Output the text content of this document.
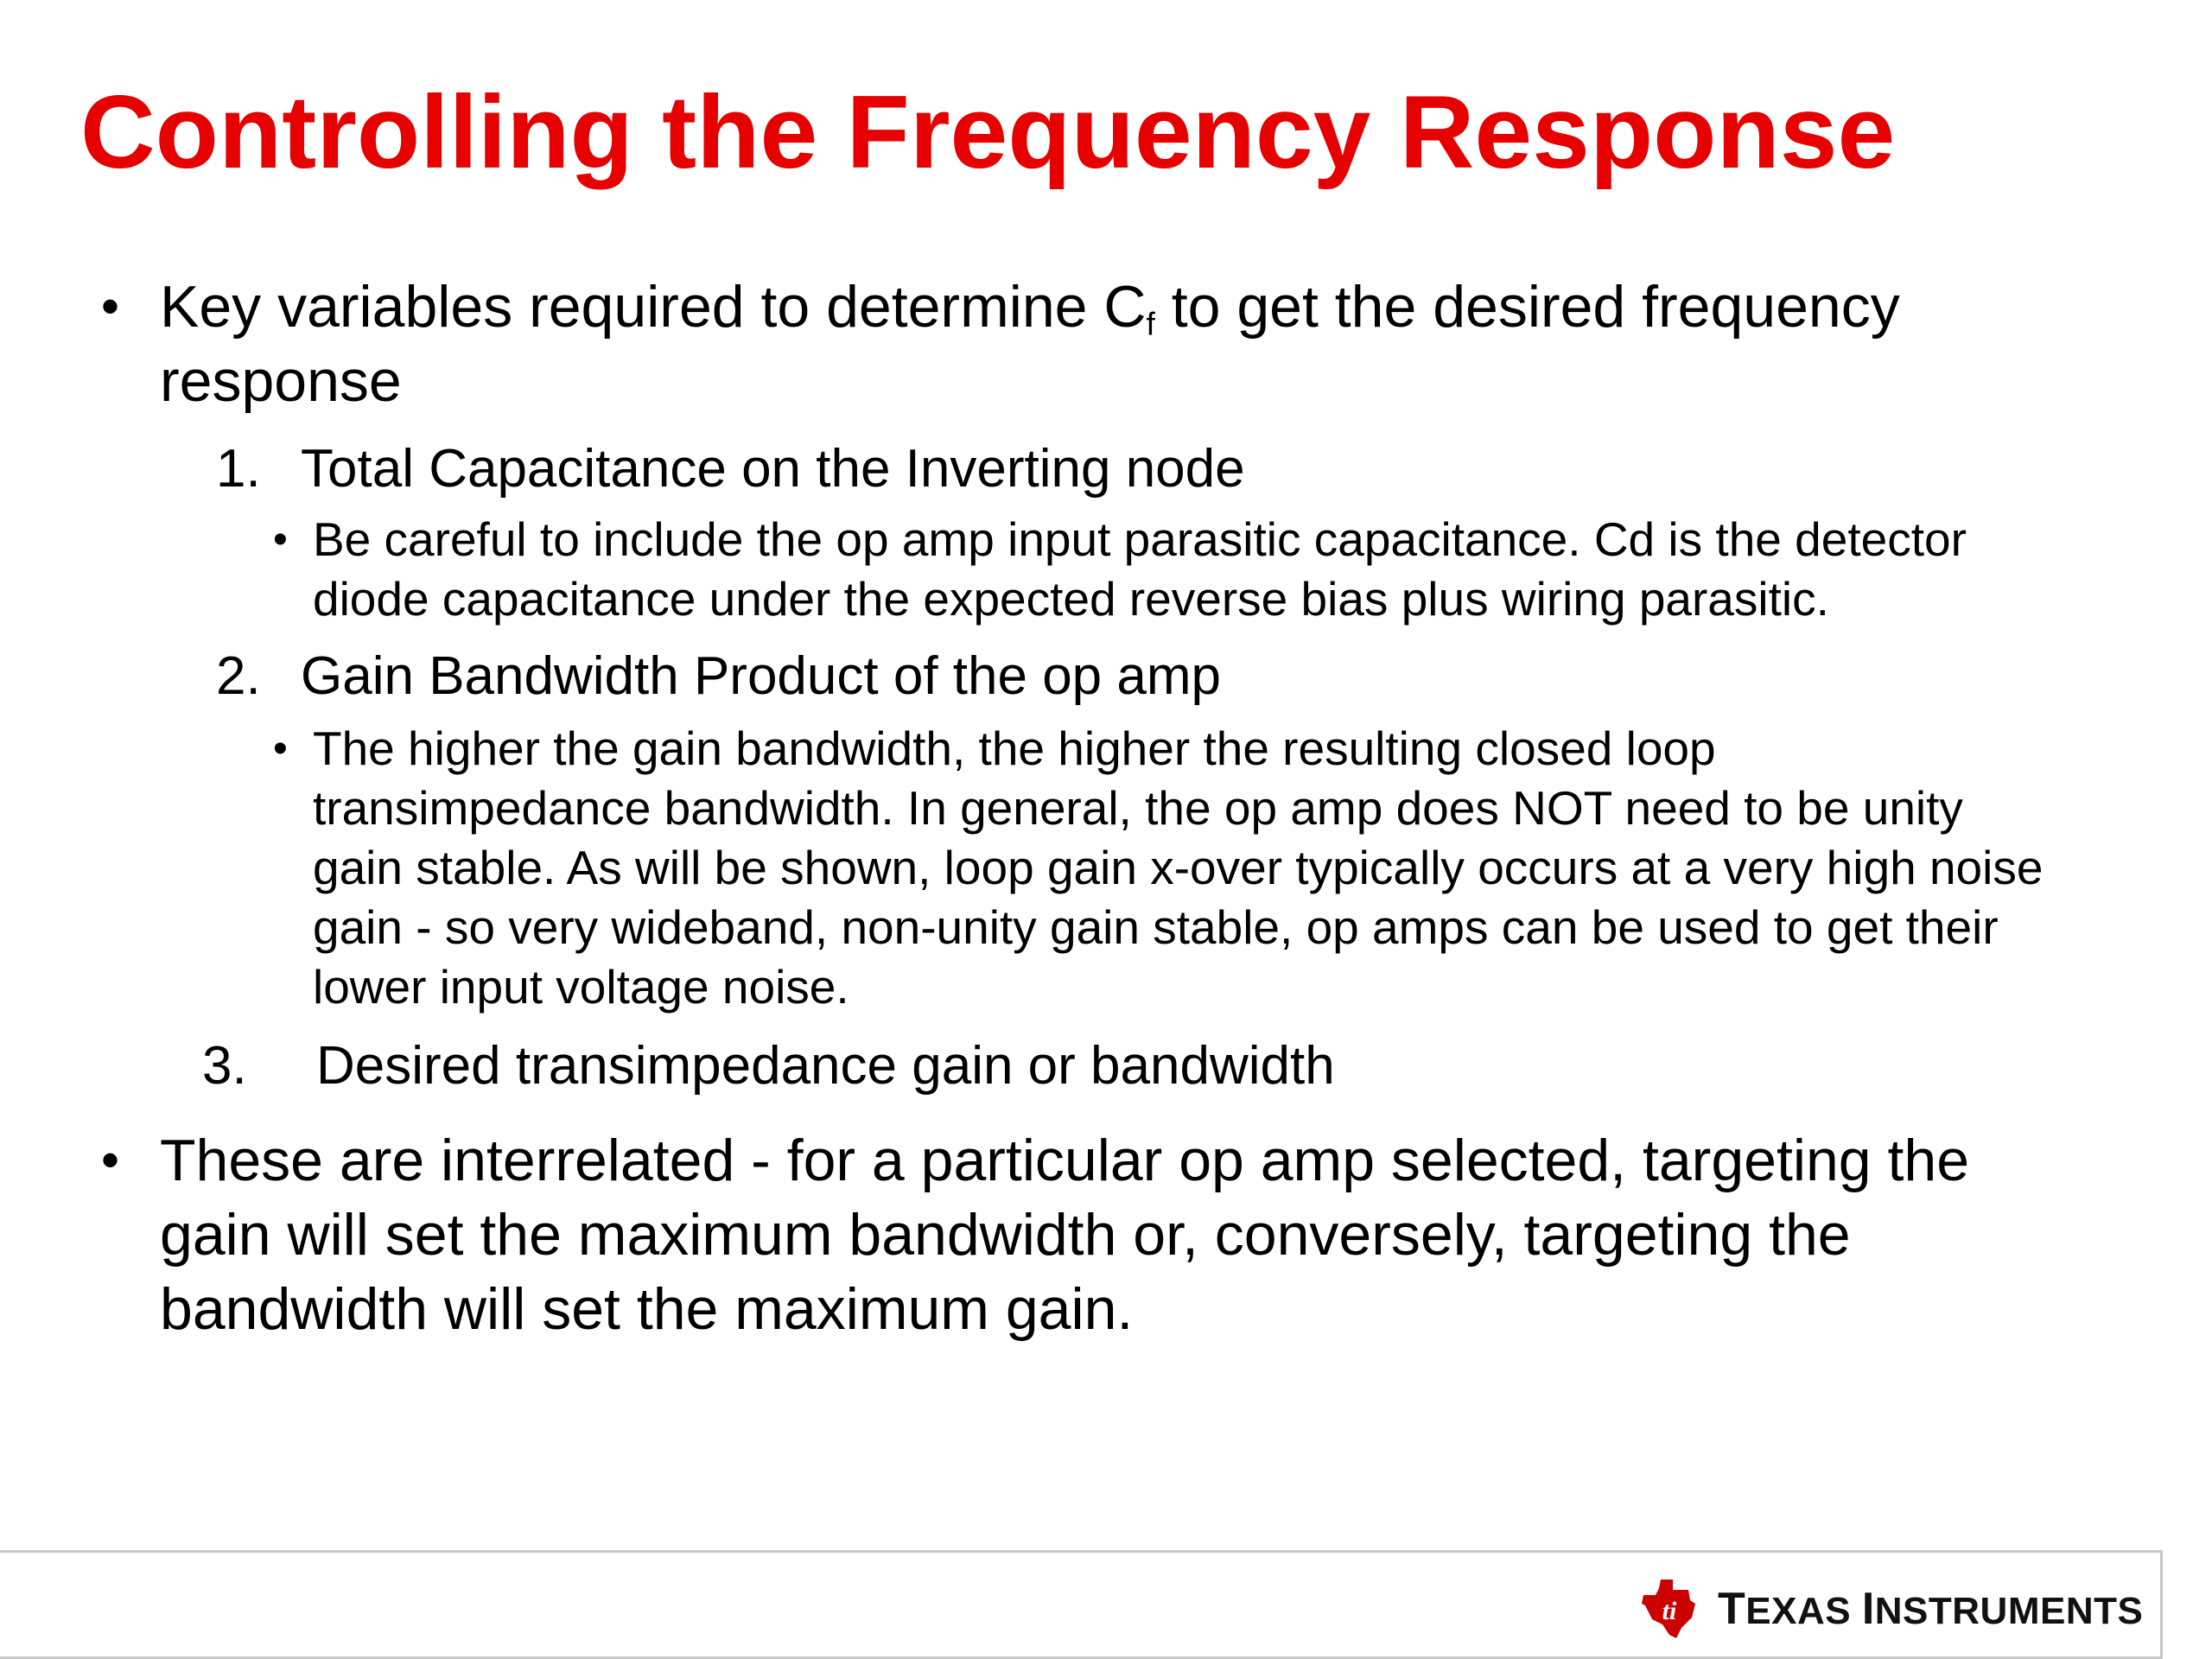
Controlling the Frequency Response
• Key variables required to determine $C_f$ to get the desired frequency
response
1. Total Capacitance on the Inverting node
• Be careful to include the op amp input parasitic capacitance. Cd is the detector
diode capacitance under the expected reverse bias plus wiring parasitic.
2. Gain Bandwidth Product of the op amp
• The higher the gain bandwidth, the higher the resulting closed loop
transimpedance bandwidth. In general, the op amp does NOT need to be unity
gain stable. As will be shown, loop gain x-over typically occurs at a very high noise
gain - so very wideband, non-unity gain stable, op amps can be used to get their
lower input voltage noise.
3. Desired transimpedance gain or bandwidth
• These are interrelated - for a particular op amp selected, targeting the
gain will set the maximum bandwidth or, conversely, targeting the
bandwidth will set the maximum gain.
ti TEXAS INSTRUMENTS
